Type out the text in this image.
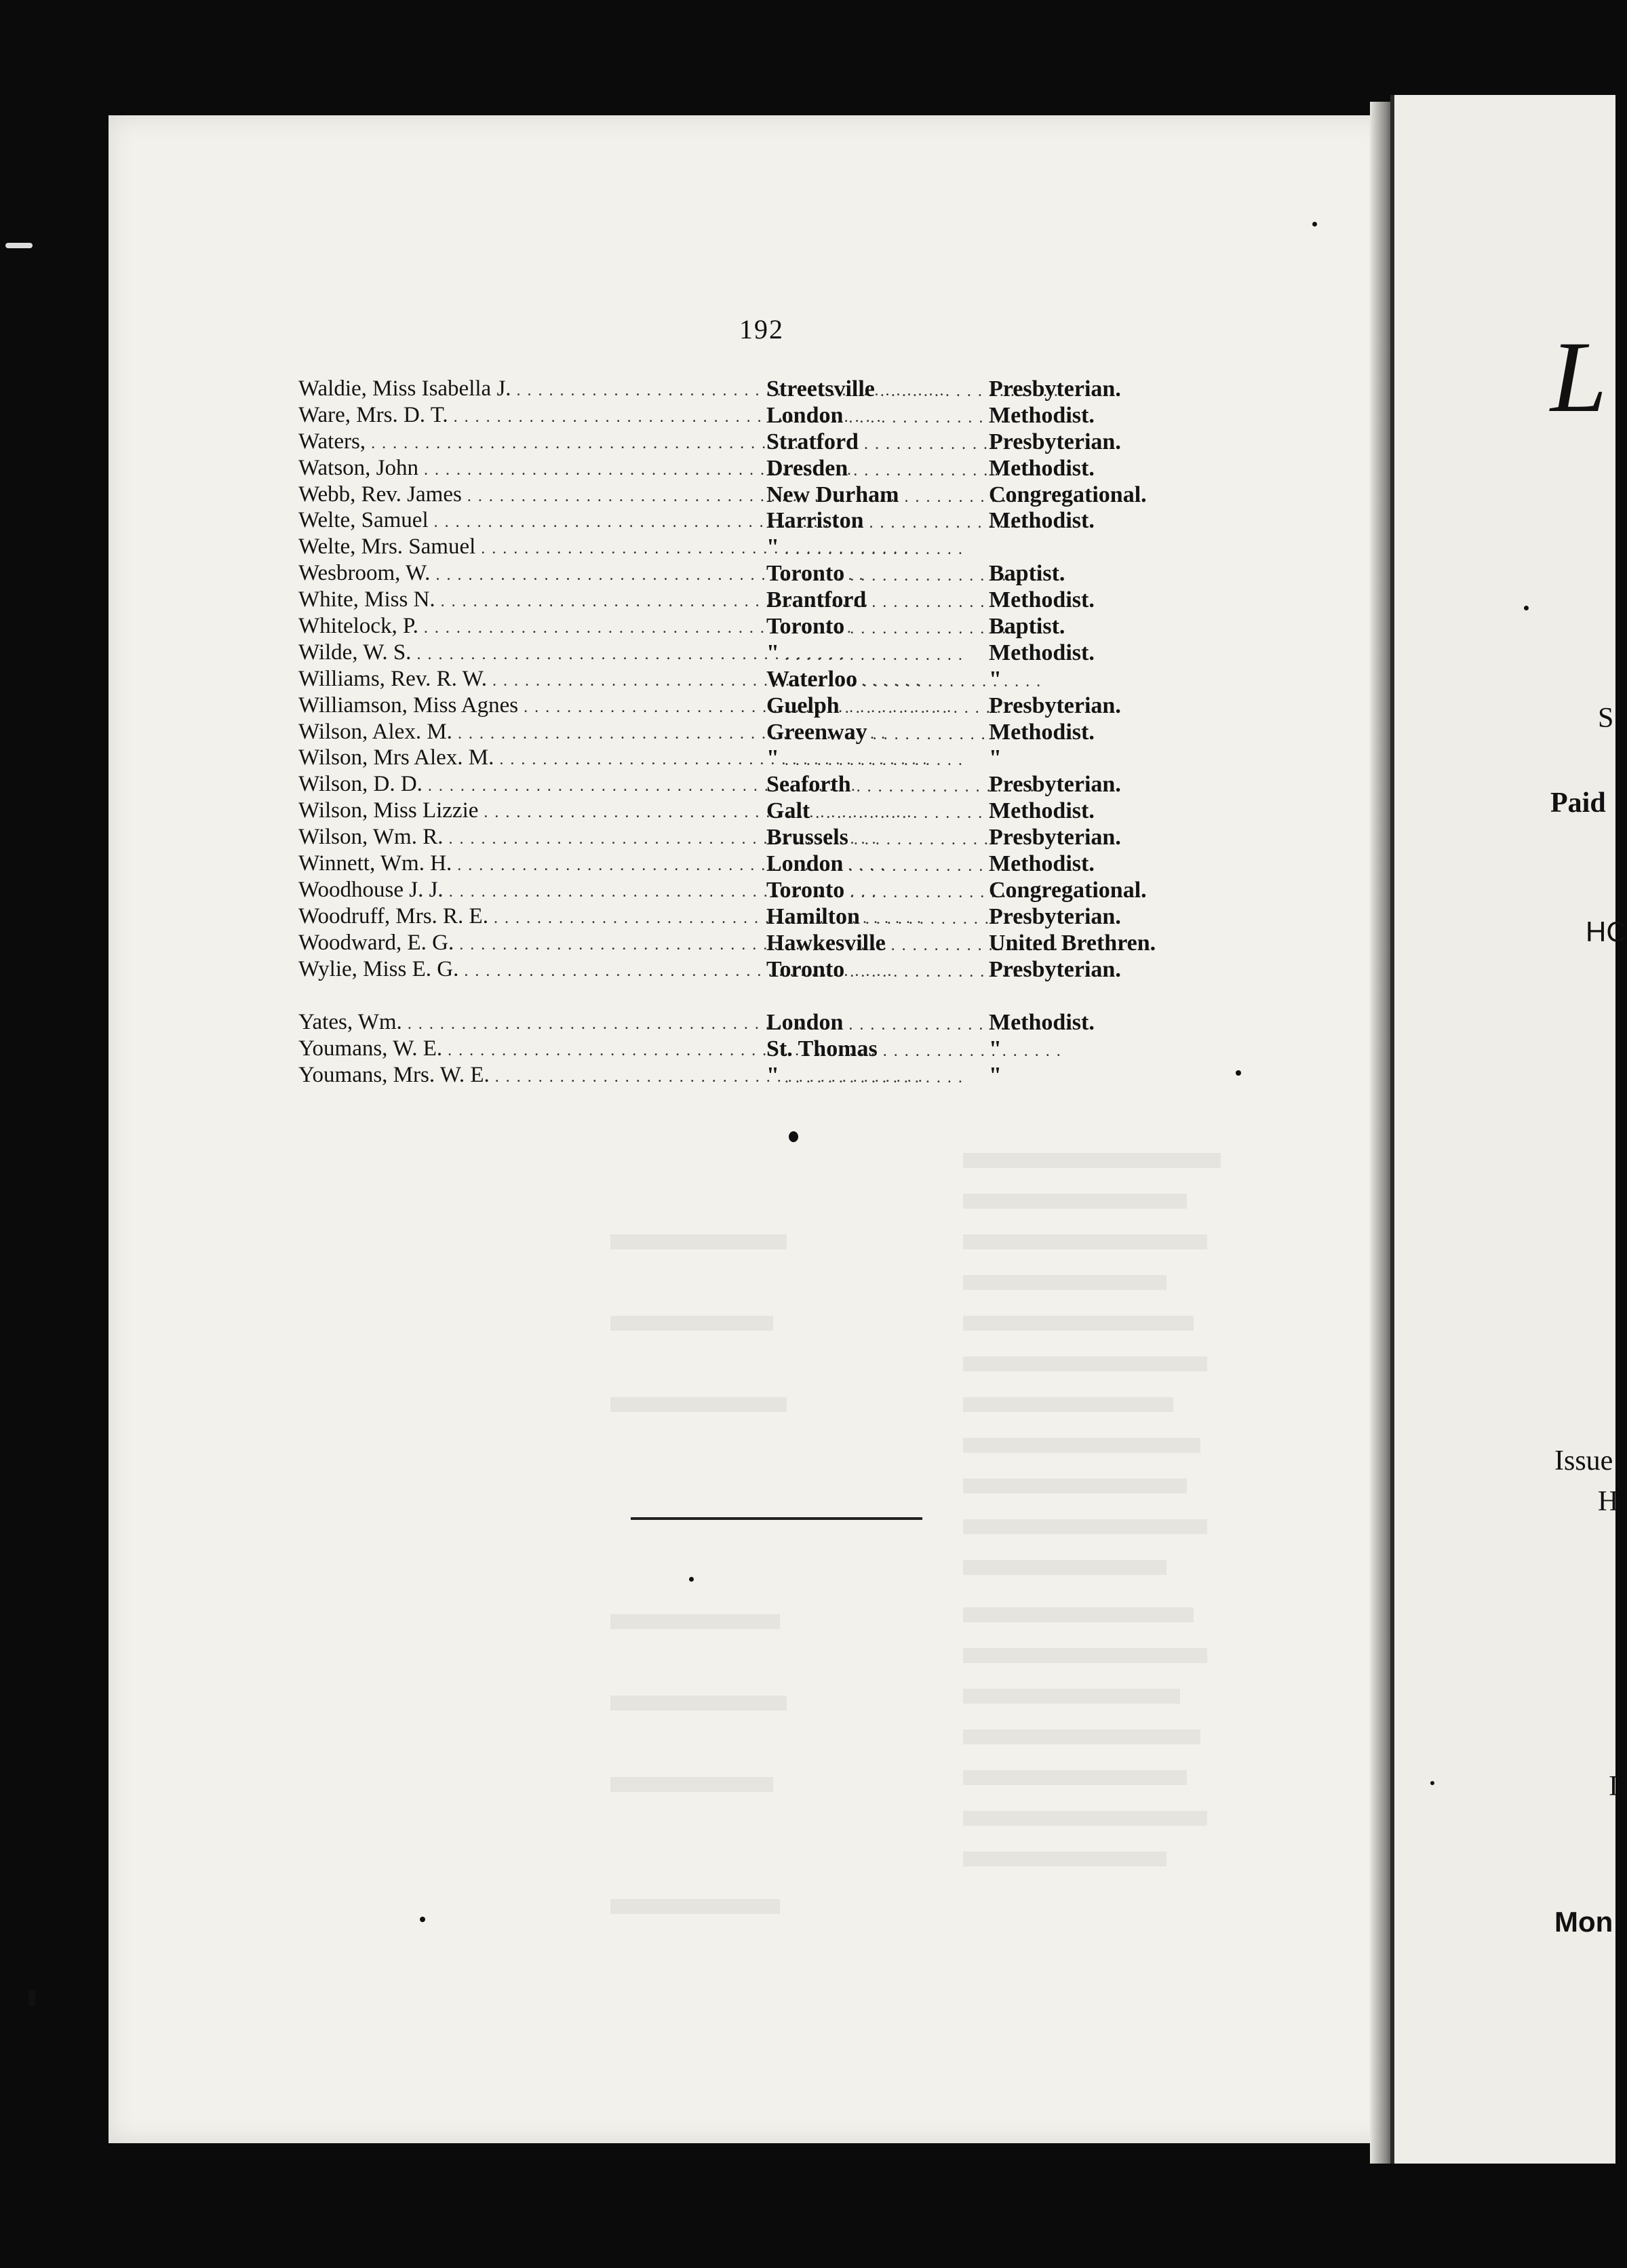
L
S
Paid
HC
Issue
H
I
Mon
192
Waldie, Miss Isabella J. . . .	Streetsville . . .	Presbyterian.
Ware, Mrs. D. T. . . .	London . . .	Methodist.
Waters, . . .	Stratford . . .	Presbyterian.
Watson, John . . .	Dresden . . .	Methodist.
Webb, Rev. James . . .	New Durham . . .	Congregational.
Welte, Samuel . . .	Harriston . . .	Methodist.
Welte, Mrs. Samuel . . .	" . . .
Wesbroom, W. . . .	Toronto . . .	Baptist.
White, Miss N. . . .	Brantford . . .	Methodist.
Whitelock, P. . . .	Toronto . . .	Baptist.
Wilde, W. S. . . .	" . . .	Methodist.
Williams, Rev. R. W. . . .	Waterloo . . .	"
Williamson, Miss Agnes . . .	Guelph . . .	Presbyterian.
Wilson, Alex. M. . . .	Greenway . . .	Methodist.
Wilson, Mrs Alex. M. . . .	" . . .	"
Wilson, D. D. . . .	Seaforth . . .	Presbyterian.
Wilson, Miss Lizzie . . .	Galt . . .	Methodist.
Wilson, Wm. R. . . .	Brussels . . .	Presbyterian.
Winnett, Wm. H. . . .	London . . .	Methodist.
Woodhouse J. J. . . .	Toronto . . .	Congregational.
Woodruff, Mrs. R. E. . . .	Hamilton . . .	Presbyterian.
Woodward, E. G. . . .	Hawkesville . . .	United Brethren.
Wylie, Miss E. G. . . .	Toronto . . .	Presbyterian.
Yates, Wm. . . .	London . . .	Methodist.
Youmans, W. E. . . .	St. Thomas . . .	"
Youmans, Mrs. W. E. . . .	" . . .	"
